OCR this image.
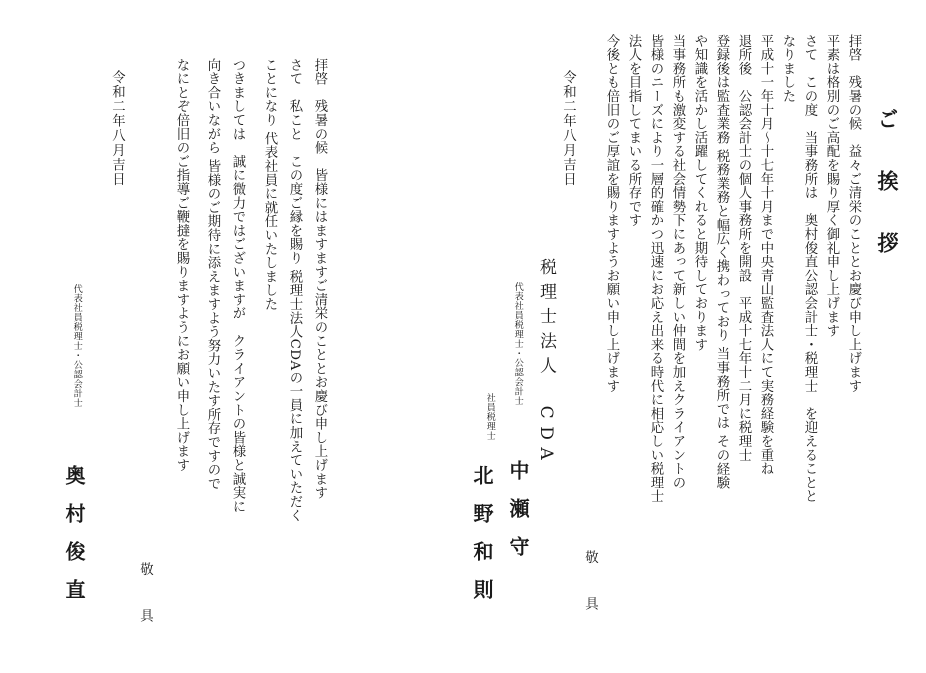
ご　挨　拶
拝啓　残暑の候　益々ご清栄のこととお慶び申し上げます
平素は格別のご高配を賜り厚く御礼申し上げます
さて　この度　当事務所は　奥村俊直公認会計士・税理士　を迎えることと
なりました
平成十一年十月〜十七年十月まで中央青山監査法人にて実務経験を重ね
退所後　公認会計士の個人事務所を開設　平成十七年十二月に税理士
登録後は監査業務 税務業務と幅広く携わっており 当事務所では その経験
や知識を活かし活躍してくれると期待しております
当事務所も激変する社会情勢下にあって新しい仲間を加えクライアントの
皆様のニーズにより一層的確かつ迅速にお応え出来る時代に相応しい税理士
法人を目指してまいる所存です
今後とも倍旧のご厚誼を賜りますようお願い申し上げます
敬　具
令和二年八月吉日
税理士法人　CDA
代表社員税理士・公認会計士
中瀬守
社員税理士
北野和則
拝啓　残暑の候　皆様にはますますご清栄のこととお慶び申し上げます
さて　私こと　この度ご縁を賜り 税理士法人CDAの一員に加えていただく
ことになり 代表社員に就任いたしました
つきましては　誠に微力ではございますが　クライアントの皆様と誠実に
向き合いながら 皆様のご期待に添えますよう努力いたす所存ですので
なにとぞ倍旧のご指導ご鞭撻を賜りますようにお願い申し上げます
敬　具
令和二年八月吉日
代表社員税理士・公認会計士
奥村俊直
